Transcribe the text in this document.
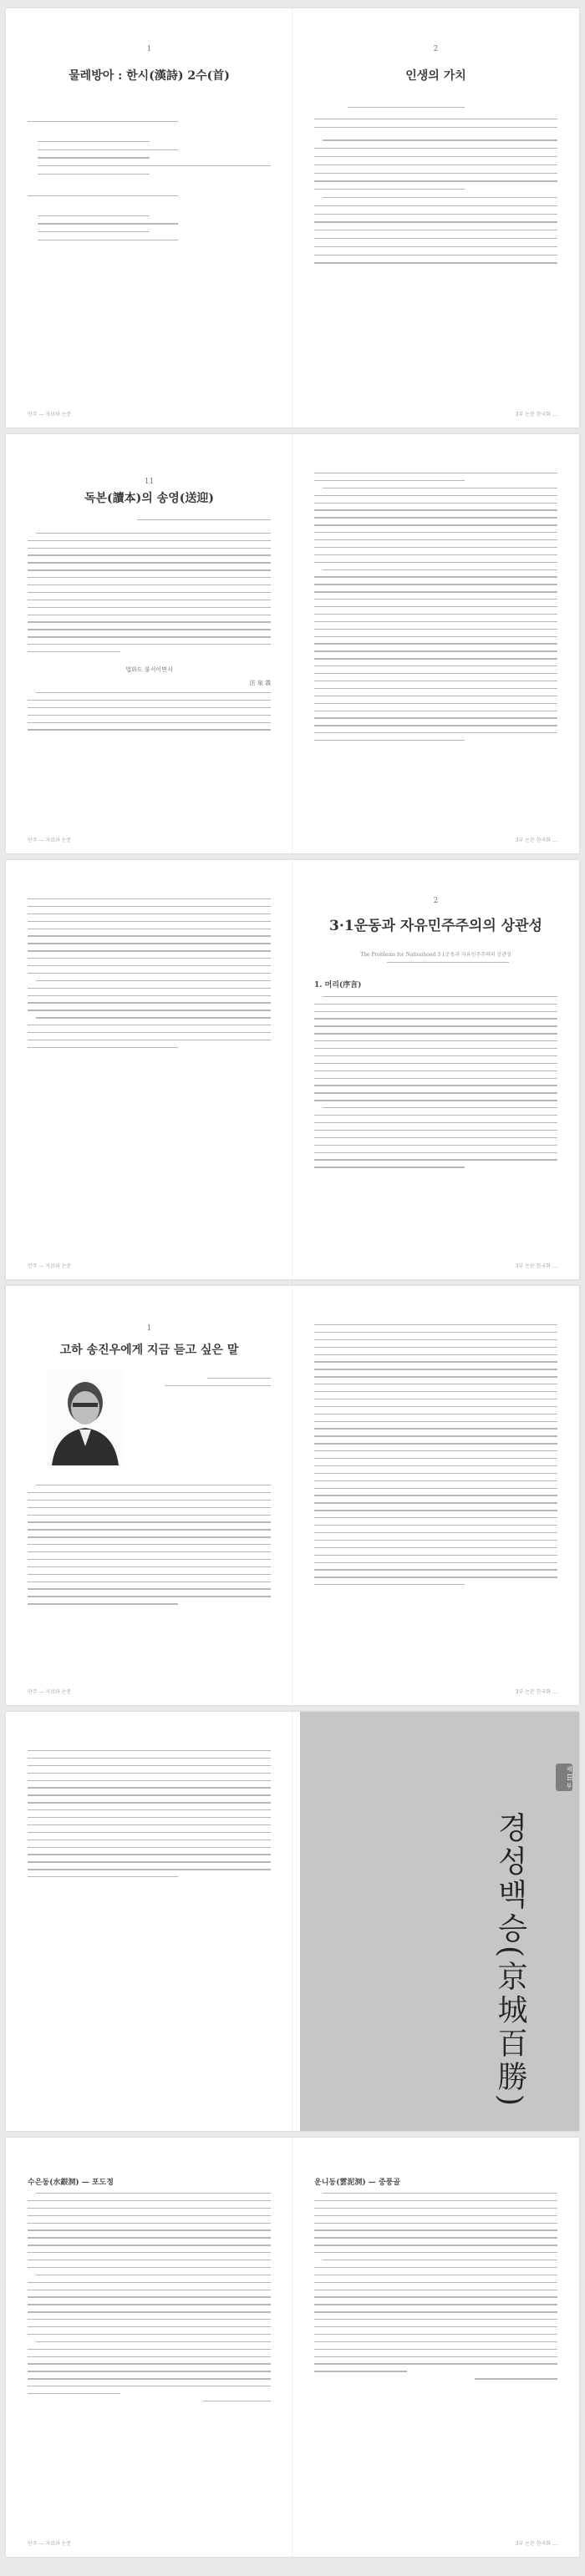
1
물레방아 : 한시(漢詩) 2수(首)
만주 — 자료와 논문
2
인생의 가치
3부 논문 한국화 …
11
독본(讀本)의 송영(送迎)
법화도 불서이면서
法 泉 義
만주 — 자료와 논문	3부 논문 한국화 …
만주 — 자료와 논문
2
3·1운동과 자유민주주의의 상관성
The Problems for Nationhood 3·1운동과 자유민주주의의 상관성
1. 머리(序言)
3부 논문 한국화 …
1
고하 송진우에게 지금 듣고 싶은 말
만주 — 자료와 논문	3부 논문 한국화 …
제 III 부
경성백승(京城百勝)
수은동(水銀洞) — 포도정
만주 — 자료와 논문
운니동(雲泥洞) — 중풍골
3부 논문 한국화 …
